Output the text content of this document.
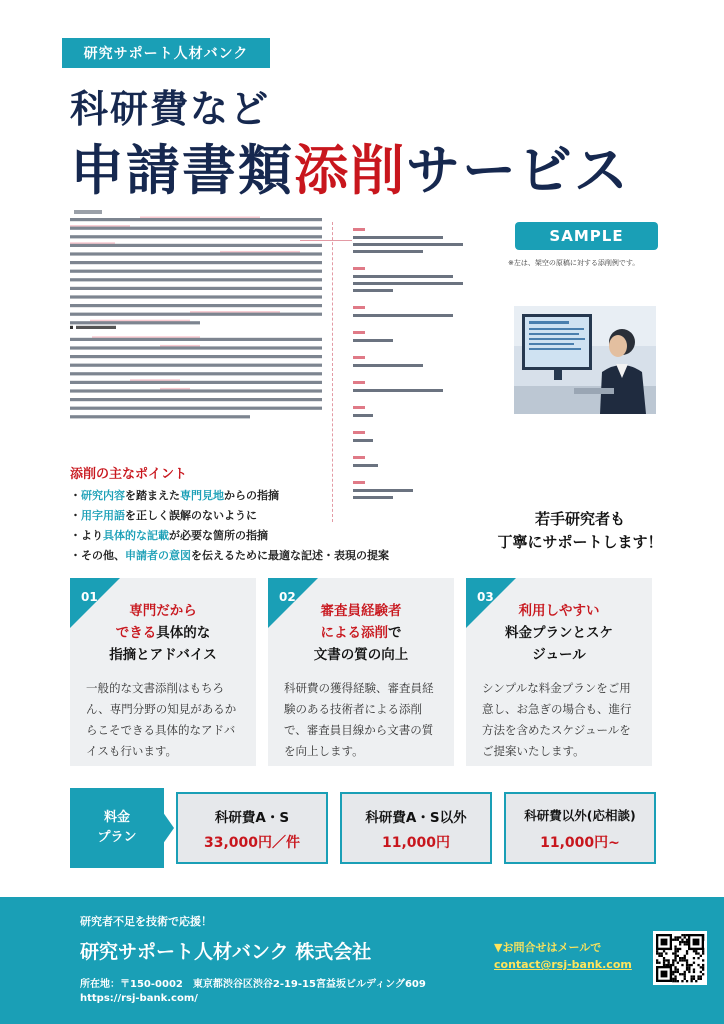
研究サポート人材バンク
科研費など
申請書類添削サービス
SAMPLE
※左は、架空の原稿に対する添削例です。
添削の主なポイント
・研究内容を踏まえた専門見地からの指摘
・用字用語を正しく誤解のないように
・より具体的な記載が必要な箇所の指摘
・その他、申請者の意図を伝えるために最適な記述・表現の提案
若手研究者も
丁寧にサポートします！
01
専門だから
できる具体的な
指摘とアドバイス
一般的な文書添削はもちろん、専門分野の知見があるからこそできる具体的なアドバイスも行います。
02
審査員経験者
による添削で
文書の質の向上
科研費の獲得経験、審査員経験のある技術者による添削で、審査員目線から文書の質を向上します。
03
利用しやすい
料金プランとスケ
ジュール
シンプルな料金プランをご用意し、お急ぎの場合も、進行方法を含めたスケジュールをご提案いたします。
料金
プラン
科研費A・S
33,000円／件
科研費A・S以外
11,000円
科研費以外(応相談)
11,000円~
研究者不足を技術で応援！
研究サポート人材バンク 株式会社
所在地：〒150-0002　東京都渋谷区渋谷2-19-15宮益坂ビルディング609
https://rsj-bank.com/
▼お問合せはメールで
contact@rsj-bank.com
